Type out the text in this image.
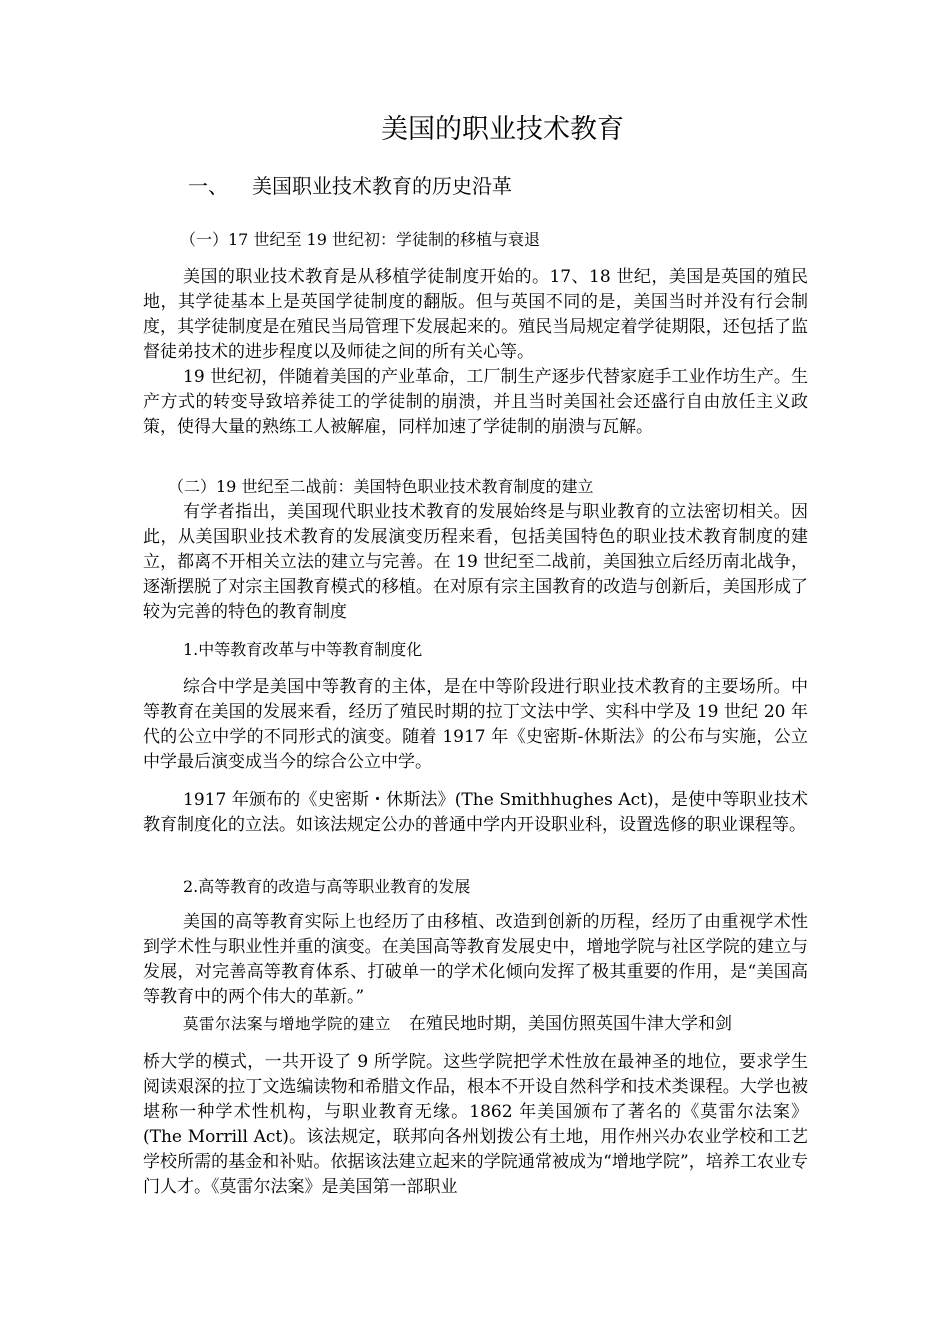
美国的职业技术教育
一、 美国职业技术教育的历史沿革
（一）17 世纪至 19 世纪初：学徒制的移植与衰退

美国的职业技术教育是从移植学徒制度开始的。17、18 世纪，美国是英国的殖民地，其学徒基本上是英国学徒制度的翻版。但与英国不同的是，美国当时并没有行会制度，其学徒制度是在殖民当局管理下发展起来的。殖民当局规定着学徒期限，还包括了监督徒弟技术的进步程度以及师徒之间的所有关心等。

19 世纪初，伴随着美国的产业革命，工厂制生产逐步代替家庭手工业作坊生产。生产方式的转变导致培养徒工的学徒制的崩溃，并且当时美国社会还盛行自由放任主义政策，使得大量的熟练工人被解雇，同样加速了学徒制的崩溃与瓦解。

（二）19 世纪至二战前：美国特色职业技术教育制度的建立

有学者指出，美国现代职业技术教育的发展始终是与职业教育的立法密切相关。因此，从美国职业技术教育的发展演变历程来看，包括美国特色的职业技术教育制度的建立，都离不开相关立法的建立与完善。在 19 世纪至二战前，美国独立后经历南北战争，逐渐摆脱了对宗主国教育模式的移植。在对原有宗主国教育的改造与创新后，美国形成了较为完善的特色的教育制度

1.中等教育改革与中等教育制度化

综合中学是美国中等教育的主体，是在中等阶段进行职业技术教育的主要场所。中等教育在美国的发展来看，经历了殖民时期的拉丁文法中学、实科中学及 19 世纪 20 年代的公立中学的不同形式的演变。随着 1917 年《史密斯-休斯法》的公布与实施，公立中学最后演变成当今的综合公立中学。

1917 年颁布的《史密斯・休斯法》(The Smithhughes Act)，是使中等职业技术教育制度化的立法。如该法规定公办的普通中学内开设职业科，设置选修的职业课程等。

2.高等教育的改造与高等职业教育的发展

美国的高等教育实际上也经历了由移植、改造到创新的历程，经历了由重视学术性到学术性与职业性并重的演变。在美国高等教育发展史中，增地学院与社区学院的建立与发展，对完善高等教育体系、打破单一的学术化倾向发挥了极其重要的作用，是“美国高等教育中的两个伟大的革新。”

莫雷尔法案与增地学院的建立 在殖民地时期，美国仿照英国牛津大学和剑

桥大学的模式，一共开设了 9 所学院。这些学院把学术性放在最神圣的地位，要求学生阅读艰深的拉丁文选编读物和希腊文作品，根本不开设自然科学和技术类课程。大学也被堪称一种学术性机构，与职业教育无缘。1862 年美国颁布了著名的《莫雷尔法案》(The Morrill Act)。该法规定，联邦向各州划拨公有土地，用作州兴办农业学校和工艺学校所需的基金和补贴。依据该法建立起来的学院通常被成为“增地学院”，培养工农业专门人才。《莫雷尔法案》是美国第一部职业
